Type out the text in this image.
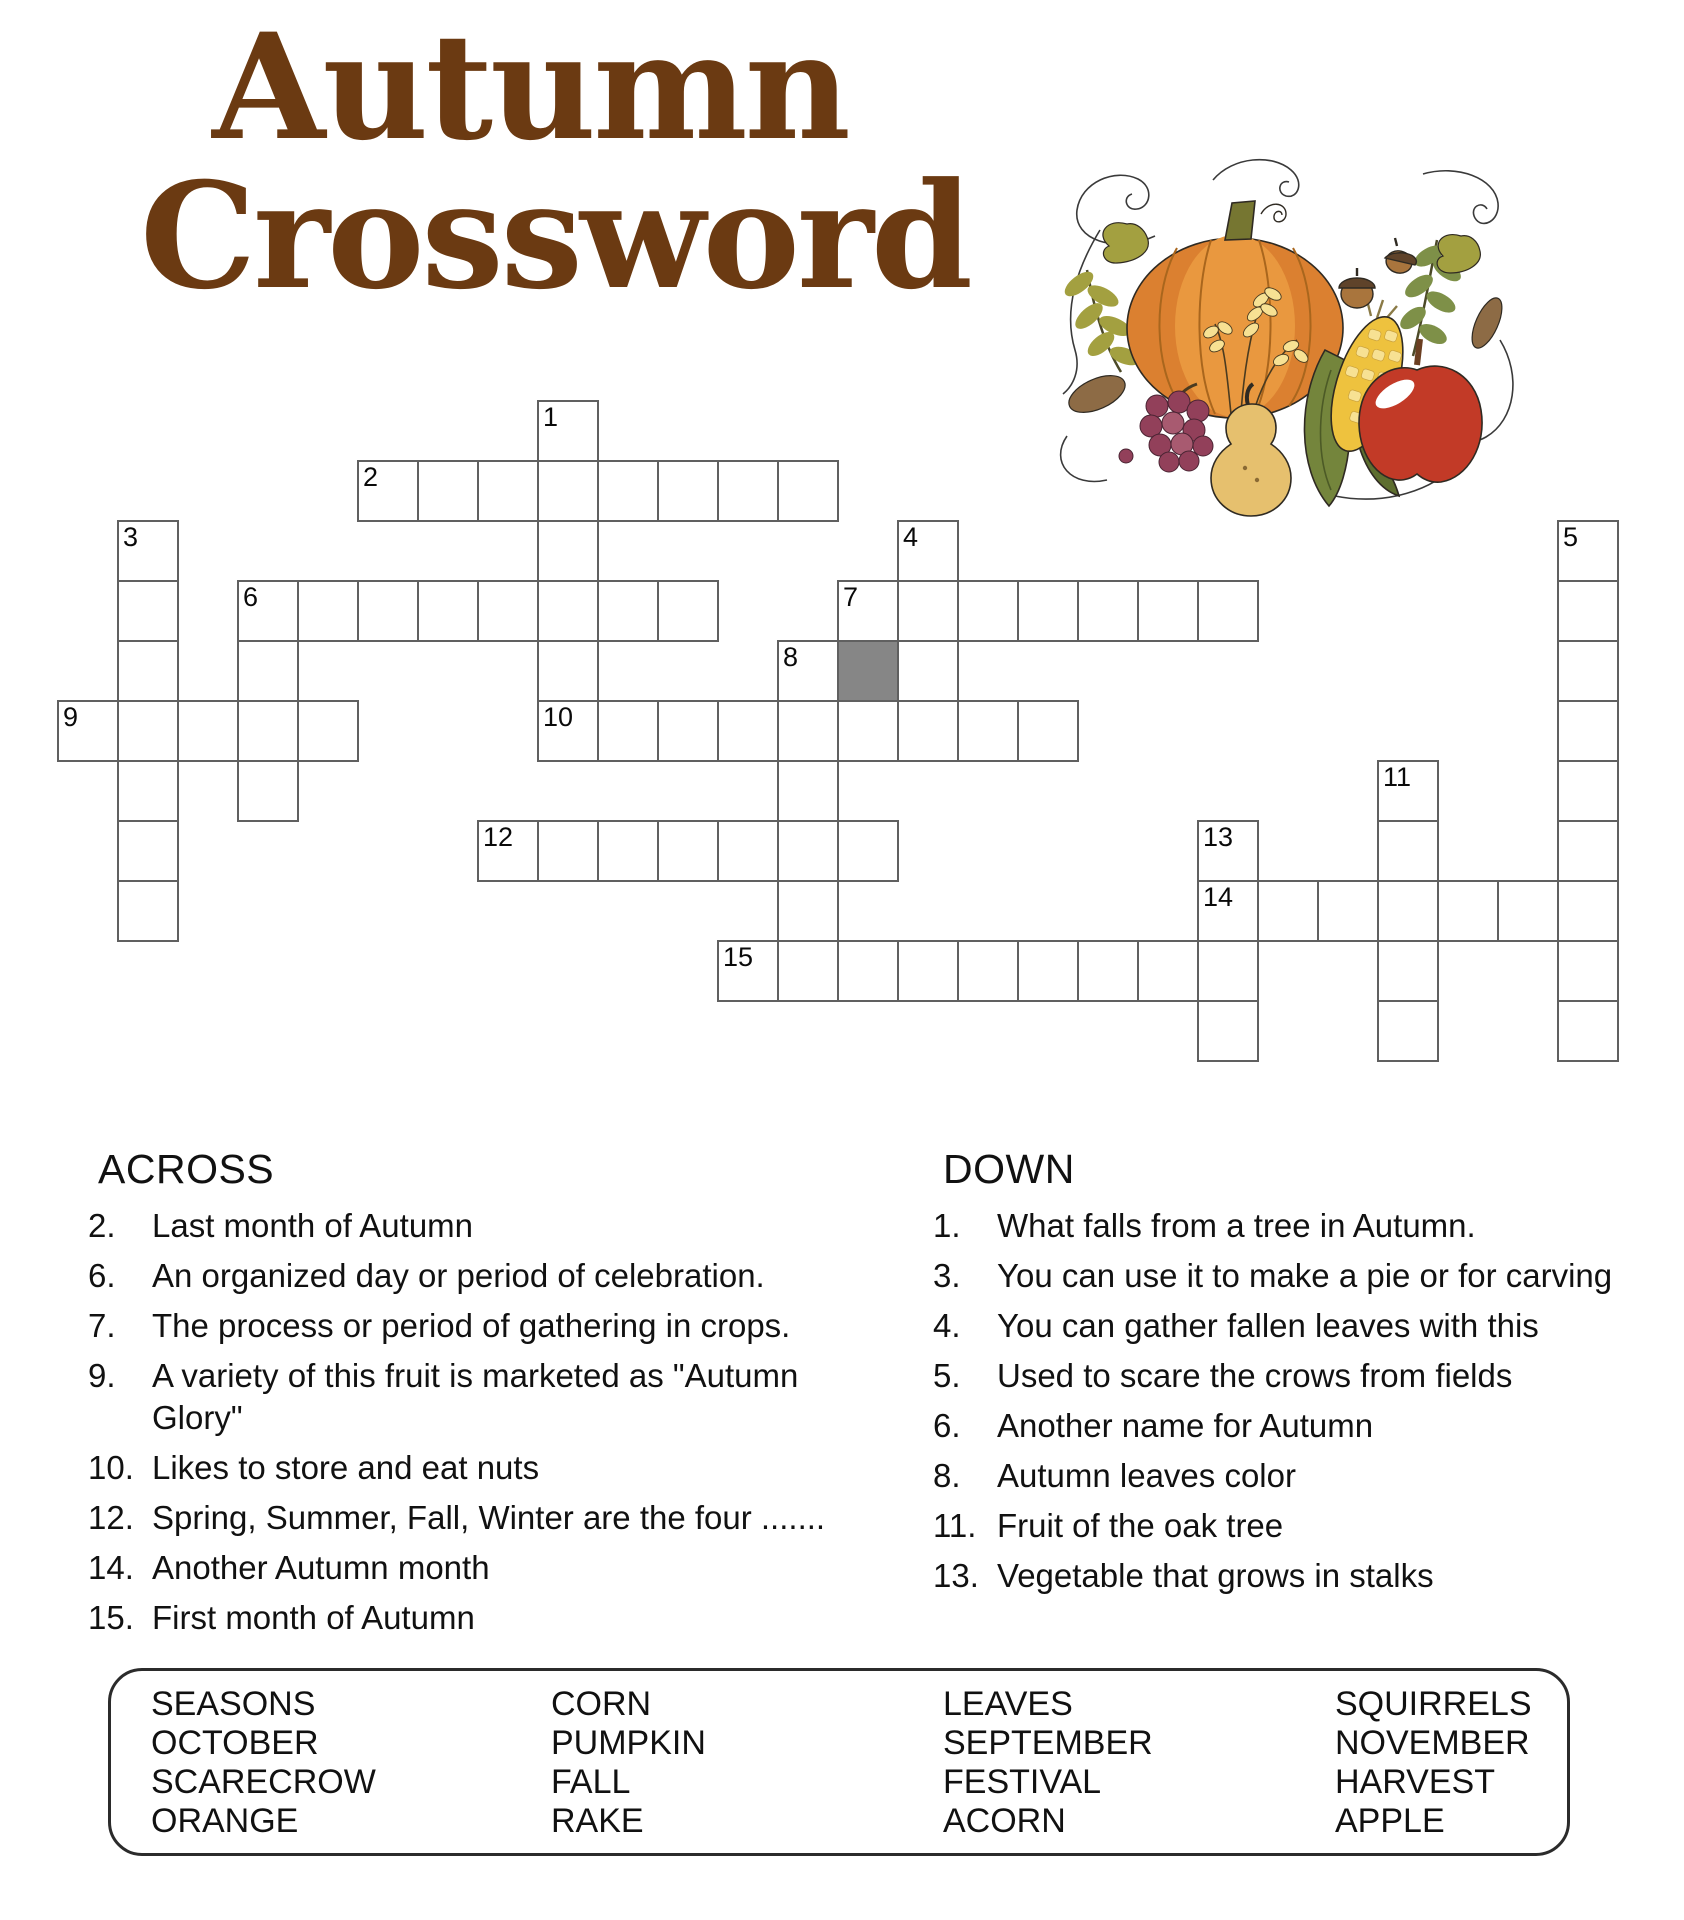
Autumn
Crossword
1
2
3	4	5
6	7
8
9	10
11
12	13
14
15
ACROSS
2. Last month of Autumn
6. An organized day or period of celebration.
7. The process or period of gathering in crops.
9. A variety of this fruit is marketed as "Autumn Glory"
10. Likes to store and eat nuts
12. Spring, Summer, Fall, Winter are the four .......
14. Another Autumn month
15. First month of Autumn
DOWN
1. What falls from a tree in Autumn.
3. You can use it to make a pie or for carving
4. You can gather fallen leaves with this
5. Used to scare the crows from fields
6. Another name for Autumn
8. Autumn leaves color
11. Fruit of the oak tree
13. Vegetable that grows in stalks
SEASONS
OCTOBER
SCARECROW
ORANGE
CORN
PUMPKIN
FALL
RAKE
LEAVES
SEPTEMBER
FESTIVAL
ACORN
SQUIRRELS
NOVEMBER
HARVEST
APPLE
